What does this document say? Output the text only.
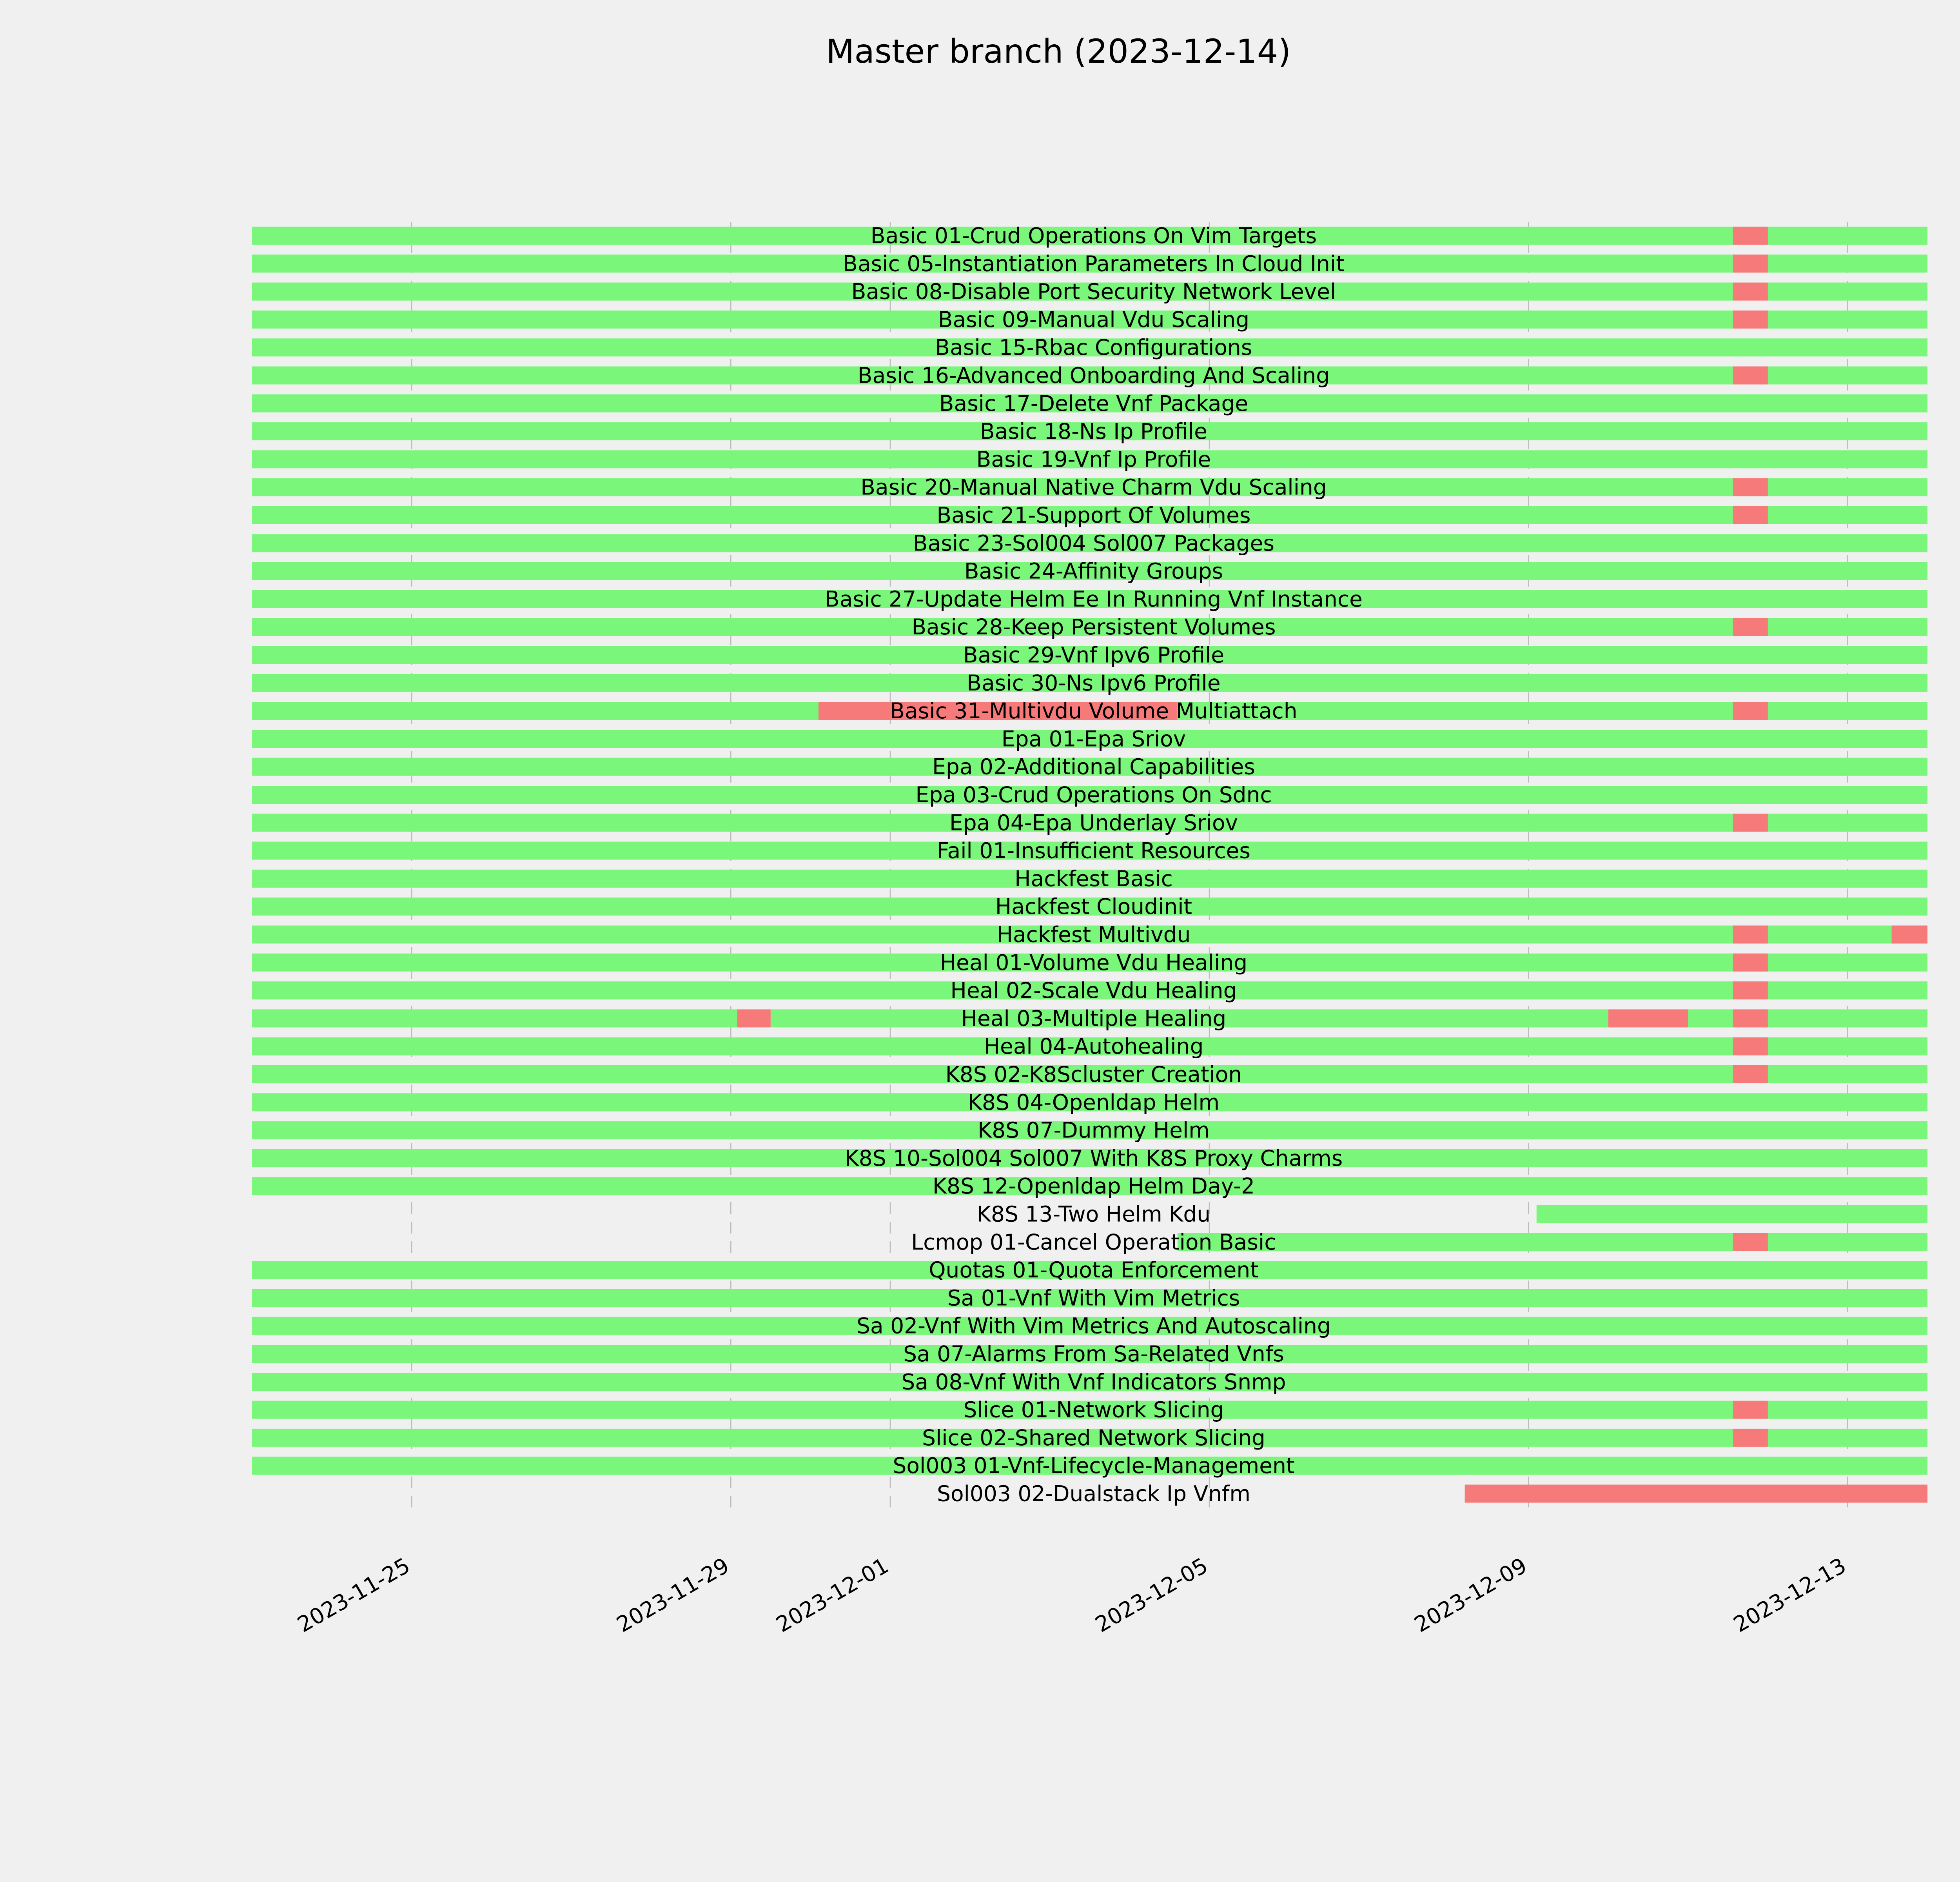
Master branch (2023-12-14)
Basic 01-Crud Operations On Vim Targets
Basic 05-Instantiation Parameters In Cloud Init
Basic 08-Disable Port Security Network Level
Basic 09-Manual Vdu Scaling
Basic 15-Rbac Configurations
Basic 16-Advanced Onboarding And Scaling
Basic 17-Delete Vnf Package
Basic 18-Ns Ip Profile
Basic 19-Vnf Ip Profile
Basic 20-Manual Native Charm Vdu Scaling
Basic 21-Support Of Volumes
Basic 23-Sol004 Sol007 Packages
Basic 24-Affinity Groups
Basic 27-Update Helm Ee In Running Vnf Instance
Basic 28-Keep Persistent Volumes
Basic 29-Vnf Ipv6 Profile
Basic 30-Ns Ipv6 Profile
Basic 31-Multivdu Volume Multiattach
Epa 01-Epa Sriov
Epa 02-Additional Capabilities
Epa 03-Crud Operations On Sdnc
Epa 04-Epa Underlay Sriov
Fail 01-Insufficient Resources
Hackfest Basic
Hackfest Cloudinit
Hackfest Multivdu
Heal 01-Volume Vdu Healing
Heal 02-Scale Vdu Healing
Heal 03-Multiple Healing
Heal 04-Autohealing
K8S 02-K8Scluster Creation
K8S 04-Openldap Helm
K8S 07-Dummy Helm
K8S 10-Sol004 Sol007 With K8S Proxy Charms
K8S 12-Openldap Helm Day-2
K8S 13-Two Helm Kdu
Lcmop 01-Cancel Operation Basic
Quotas 01-Quota Enforcement
Sa 01-Vnf With Vim Metrics
Sa 02-Vnf With Vim Metrics And Autoscaling
Sa 07-Alarms From Sa-Related Vnfs
Sa 08-Vnf With Vnf Indicators Snmp
Slice 01-Network Slicing
Slice 02-Shared Network Slicing
Sol003 01-Vnf-Lifecycle-Management
Sol003 02-Dualstack Ip Vnfm
2023-11-25	2023-11-29 2023-12-01	2023-12-05	2023-12-09	2023-12-13
